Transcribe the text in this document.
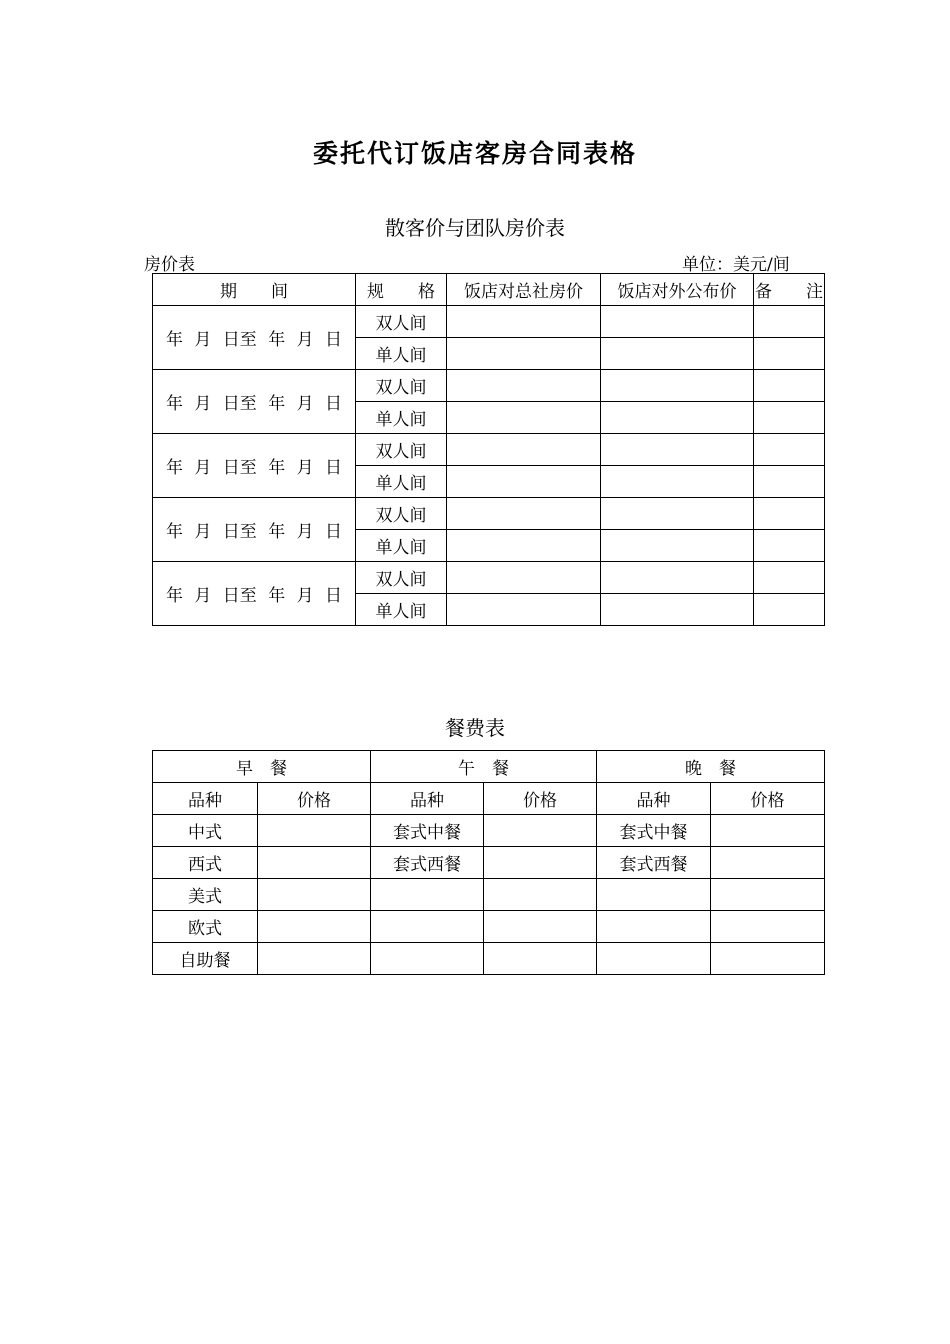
委托代订饭店客房合同表格
散客价与团队房价表
房价表	单位：美元/间
期　　间	规　　格	饭店对总社房价	饭店对外公布价	备　　注
年 月 日至 年 月 日	双人间			
	单人间			
年 月 日至 年 月 日	双人间			
	单人间			
年 月 日至 年 月 日	双人间			
	单人间			
年 月 日至 年 月 日	双人间			
	单人间			
年 月 日至 年 月 日	双人间			
	单人间			
餐费表
早　餐		午　餐		晚　餐	
品种	价格	品种	价格	品种	价格
中式		套式中餐		套式中餐	
西式		套式西餐		套式西餐	
美式					
欧式					
自助餐					
